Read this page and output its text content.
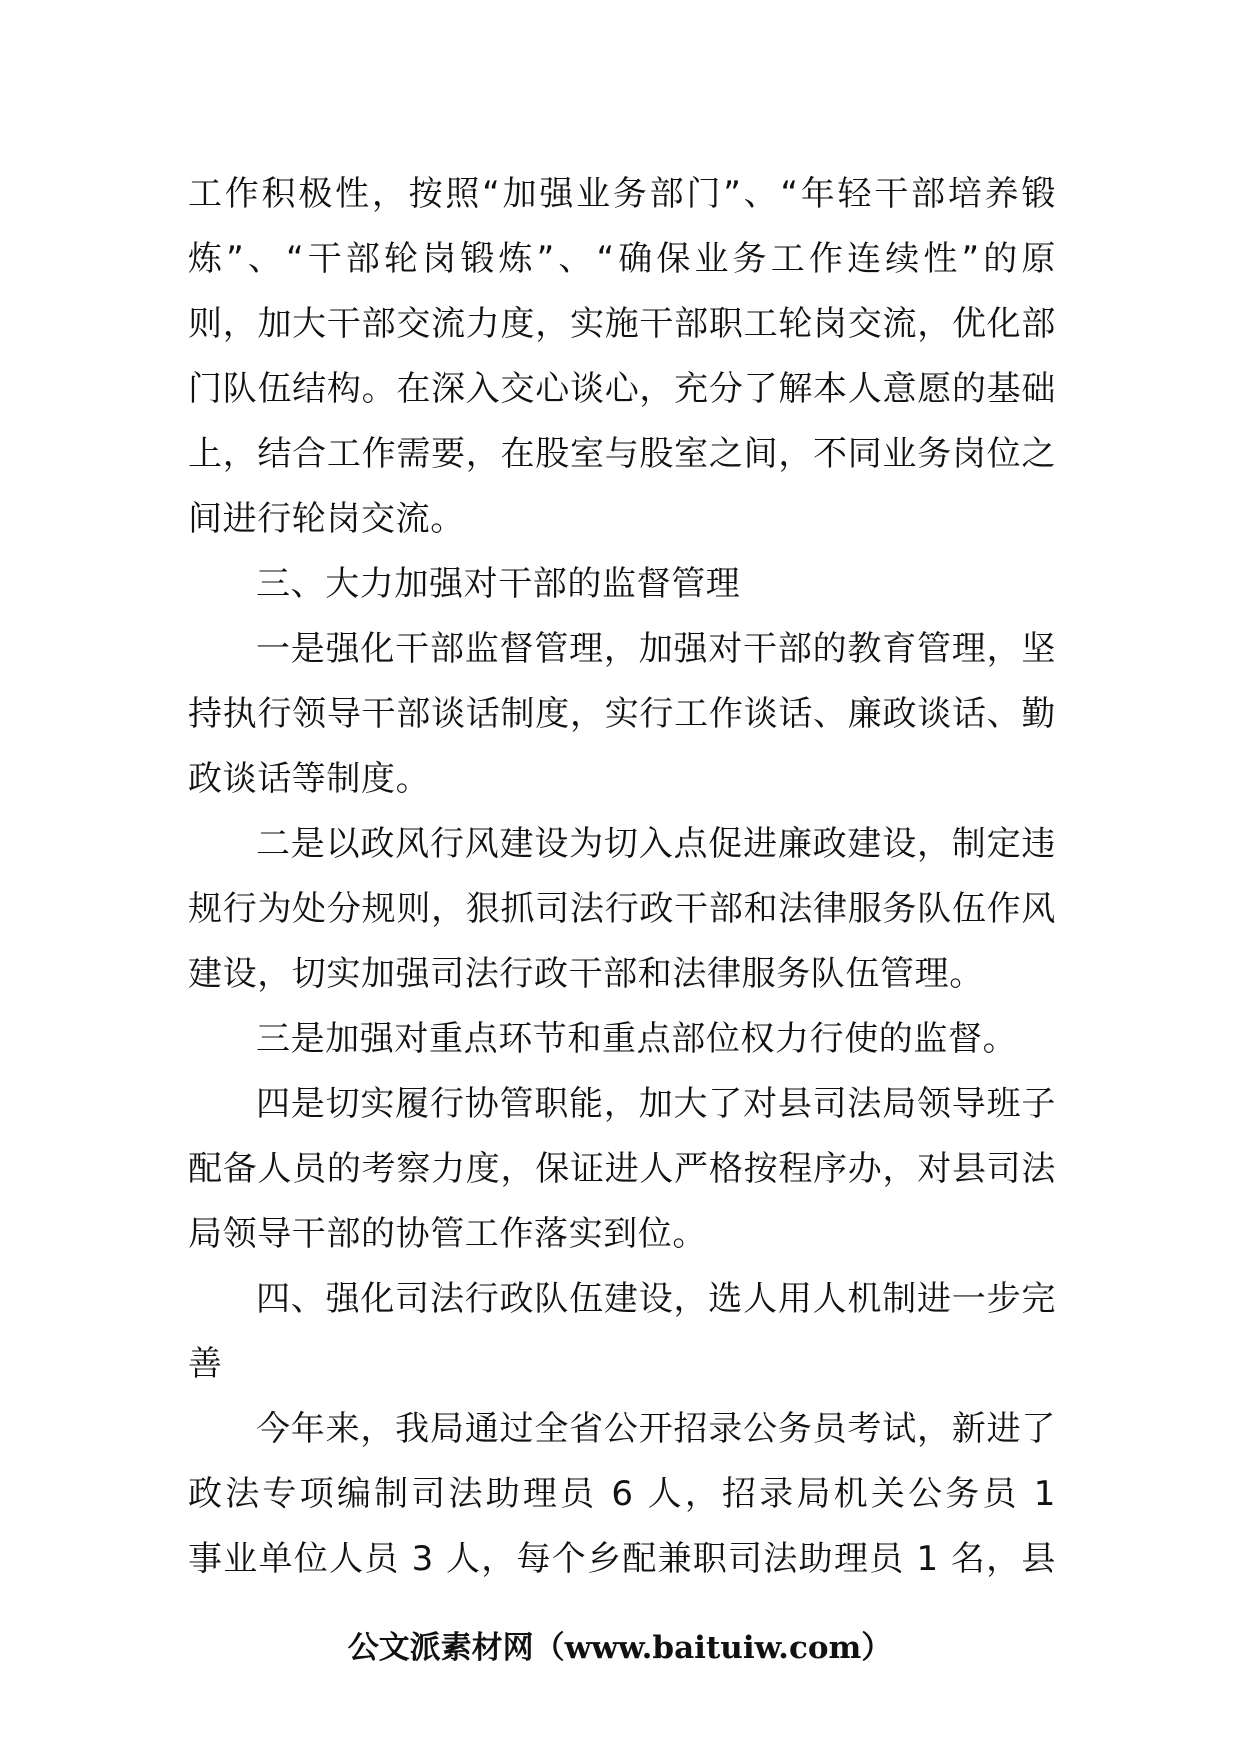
工作积极性，按照“加强业务部门”、“年轻干部培养锻
炼”、“干部轮岗锻炼”、“确保业务工作连续性”的原
则，加大干部交流力度，实施干部职工轮岗交流，优化部
门队伍结构。在深入交心谈心，充分了解本人意愿的基础
上，结合工作需要，在股室与股室之间，不同业务岗位之
间进行轮岗交流。
三、大力加强对干部的监督管理
一是强化干部监督管理，加强对干部的教育管理，坚
持执行领导干部谈话制度，实行工作谈话、廉政谈话、勤
政谈话等制度。
二是以政风行风建设为切入点促进廉政建设，制定违
规行为处分规则，狠抓司法行政干部和法律服务队伍作风
建设，切实加强司法行政干部和法律服务队伍管理。
三是加强对重点环节和重点部位权力行使的监督。
四是切实履行协管职能，加大了对县司法局领导班子
配备人员的考察力度，保证进人严格按程序办，对县司法
局领导干部的协管工作落实到位。
四、强化司法行政队伍建设，选人用人机制进一步完
善
今年来，我局通过全省公开招录公务员考试，新进了
政法专项编制司法助理员 6 人，招录局机关公务员 1
事业单位人员 3 人，每个乡配兼职司法助理员 1 名，县
公文派素材网（www.baituiw.com）
